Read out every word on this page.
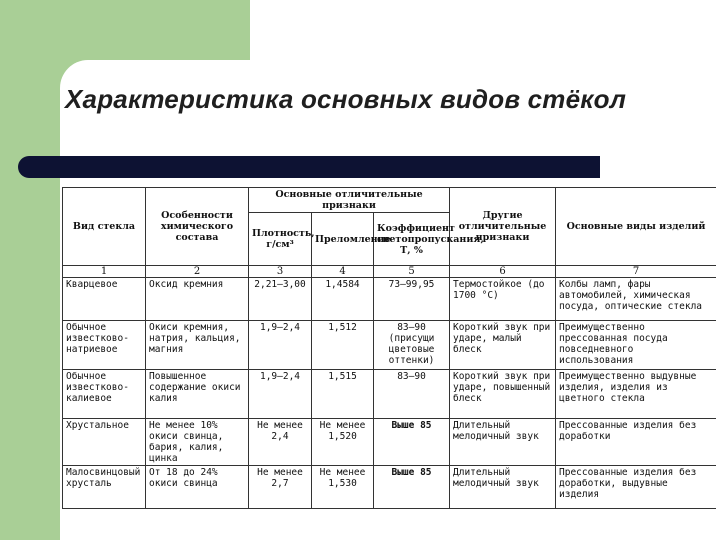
Характеристика основных видов стёкол
Вид стекла	Особенности химического состава	Основные отличительные признаки			Другие отличительные признаки	Основные виды изделий
		Плотность, г/см³	Преломление	Коэффициент светопропускания, Т, %		
1	2	3	4	5	6	7
Кварцевое	Оксид кремния	2,21—3,00	1,4584	73—99,95	Термостойкое (до 1700 °C)	Колбы ламп, фары автомобилей, химическая посуда, оптические стекла
Обычное известково-натриевое	Окиси кремния, натрия, кальция, магния	1,9—2,4	1,512	83—90 (присущи цветовые оттенки)	Короткий звук при ударе, малый блеск	Преимущественно прессованная посуда повседневного использования
Обычное известково-калиевое	Повышенное содержание окиси калия	1,9—2,4	1,515	83—90	Короткий звук при ударе, повышенный блеск	Преимущественно выдувные изделия, изделия из цветного стекла
Хрустальное	Не менее 10% окиси свинца, бария, калия, цинка	Не менее 2,4	Не менее 1,520	Выше 85	Длительный мелодичный звук	Прессованные изделия без доработки
Малосвинцовый хрусталь	От 18 до 24% окиси свинца	Не менее 2,7	Не менее 1,530	Выше 85	Длительный мелодичный звук	Прессованные изделия без доработки, выдувные изделия
